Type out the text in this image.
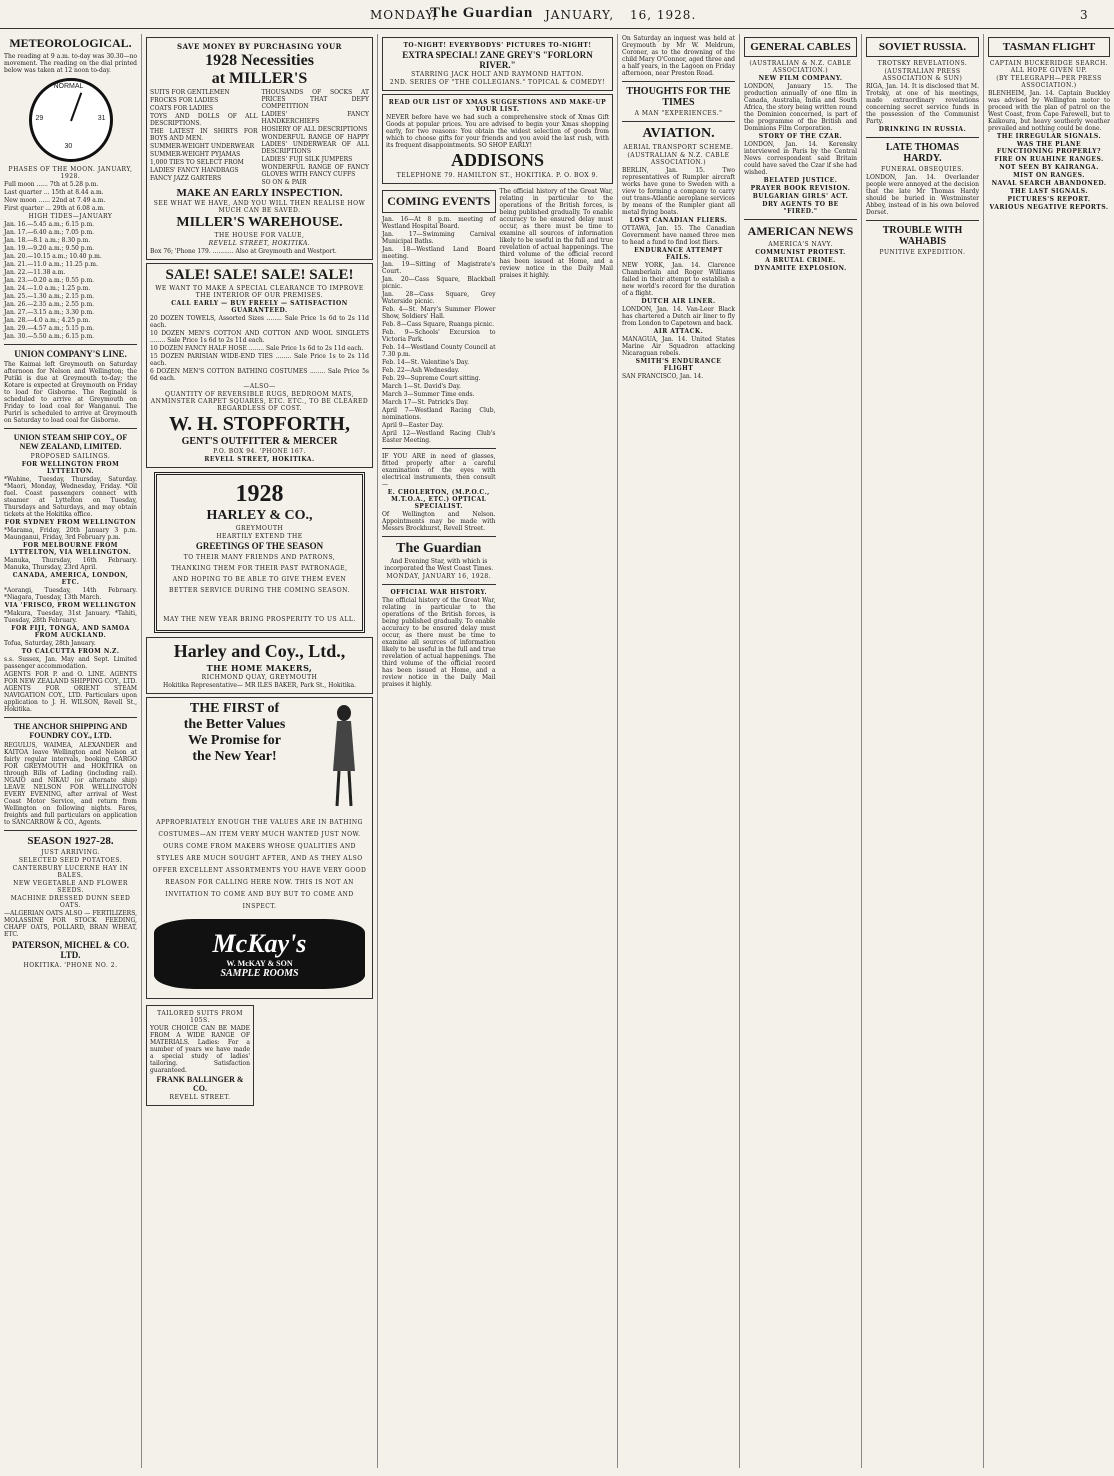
MONDAY,
The Guardian JANUARY, 16, 1928.	3
METEOROLOGICAL.
The reading at 9 a.m. to-day was 30.30—no movement. The reading on the dial printed below was taken at 12 noon to-day.
NORMAL
29	31
30
PHASES OF THE MOON. JANUARY, 1928.
Full moon ...... 7th at 5.28 p.m.
Last quarter ... 15th at 8.44 a.m.
New moon ...... 22nd at 7.49 a.m.
First quarter ... 29th at 6.08 a.m.
HIGH TIDES—JANUARY
Jan. 16.—5.45 a.m.; 6.15 p.m.
Jan. 17.—6.40 a.m.; 7.05 p.m.
Jan. 18.—8.1 a.m.; 8.30 p.m.
Jan. 19.—9.20 a.m.; 9.50 p.m.
Jan. 20.—10.15 a.m.; 10.40 p.m.
Jan. 21.—11.0 a.m.; 11.25 p.m.
Jan. 22.—11.38 a.m.
Jan. 23.—0.20 a.m.; 0.55 p.m.
Jan. 24.—1.0 a.m.; 1.25 p.m.
Jan. 25.—1.30 a.m.; 2.15 p.m.
Jan. 26.—2.35 a.m.; 2.55 p.m.
Jan. 27.—3.15 a.m.; 3.30 p.m.
Jan. 28.—4.0 a.m.; 4.25 p.m.
Jan. 29.—4.57 a.m.; 5.15 p.m.
Jan. 30.—5.50 a.m.; 6.15 p.m.
UNION COMPANY'S LINE.
The Kaimai left Greymouth on Saturday afternoon for Nelson and Wellington; the Putiki is due at Greymouth to-day; the Kotare is expected at Greymouth on Friday to load for Gisborne. The Reginald is scheduled to arrive at Greymouth on Friday to load coal for Wanganui. The Puriri is scheduled to arrive at Greymouth on Saturday to load coal for Gisborne.
UNION STEAM SHIP COY., OF NEW ZEALAND, LIMITED.
PROPOSED SAILINGS.
FOR WELLINGTON FROM LYTTELTON.
*Wahine, Tuesday, Thursday, Saturday. *Maori, Monday, Wednesday, Friday. *Oil fuel. Coast passengers connect with steamer at Lyttelton on Tuesday, Thursdays and Saturdays, and may obtain tickets at the Hokitika office.
FOR SYDNEY FROM WELLINGTON
*Marama, Friday, 20th January 3 p.m. Maunganui, Friday, 3rd February p.m.
FOR MELBOURNE FROM LYTTELTON, VIA WELLINGTON.
Manuka, Thursday, 16th February. Manuka, Thursday, 23rd April.
CANADA, AMERICA, LONDON, ETC.
*Aorangi, Tuesday, 14th February. *Niagara, Tuesday, 13th March.
VIA 'FRISCO, FROM WELLINGTON
*Makura, Tuesday, 31st January. *Tahiti, Tuesday, 28th February.
FOR FIJI, TONGA, AND SAMOA FROM AUCKLAND.
Tofua, Saturday, 28th January.
TO CALCUTTA FROM N.Z.
s.s. Sussex, Jan. May and Sept. Limited passenger accommodation.
AGENTS FOR P. and O. LINE. AGENTS FOR NEW ZEALAND SHIPPING COY., LTD. AGENTS FOR ORIENT STEAM NAVIGATION COY., LTD. Particulars upon application to J. H. WILSON, Revell St., Hokitika.
THE ANCHOR SHIPPING AND FOUNDRY COY., LTD.
REGULUS, WAIMEA, ALEXANDER and KAITOA leave Wellington and Nelson at fairly regular intervals, booking CARGO FOR GREYMOUTH and HOKITIKA on through Bills of Lading (including rail). NGAIO and NIKAU (or alternate ship) LEAVE NELSON FOR WELLINGTON EVERY EVENING, after arrival of West Coast Motor Service, and return from Wellington on following nights. Fares, freights and full particulars on application to SANCARROW & CO., Agents.
SEASON 1927-28.
JUST ARRIVING.
SELECTED SEED POTATOES.
CANTERBURY LUCERNE HAY IN BALES.
NEW VEGETABLE AND FLOWER SEEDS.
MACHINE DRESSED DUNN SEED OATS.
—ALGERIAN OATS ALSO — FERTILIZERS, MOLASSINE FOR STOCK FEEDING, CHAFF OATS, POLLARD, BRAN WHEAT, ETC.
PATERSON, MICHEL & CO. LTD.
HOKITIKA. 'PHONE NO. 2.
SAVE MONEY BY PURCHASING YOUR
1928 Necessities
at MILLER'S
SUITS FOR GENTLEMEN
FROCKS FOR LADIES
COATS FOR LADIES
TOYS AND DOLLS OF ALL DESCRIPTIONS.
THE LATEST IN SHIRTS FOR BOYS AND MEN.
SUMMER-WEIGHT UNDERWEAR
SUMMER-WEIGHT PYJAMAS
1,000 TIES TO SELECT FROM
LADIES' FANCY HANDBAGS
FANCY JAZZ GARTERS
THOUSANDS OF SOCKS AT PRICES THAT DEFY COMPETITION
LADIES' FANCY HANDKERCHIEFS
HOSIERY OF ALL DESCRIPTIONS
WONDERFUL RANGE OF HAPPY LADIES' UNDERWEAR OF ALL DESCRIPTIONS
LADIES' FUJI SILK JUMPERS
WONDERFUL RANGE OF FANCY GLOVES WITH FANCY CUFFS
SO ON & PAIR
MAKE AN EARLY INSPECTION.
SEE WHAT WE HAVE, AND YOU WILL THEN REALISE HOW MUCH CAN BE SAVED.
MILLER'S WAREHOUSE.
THE HOUSE FOR VALUE,
REVELL STREET, HOKITIKA.
Box 76; 'Phone 179. ........... Also at Greymouth and Westport.
SALE! SALE! SALE! SALE!
WE WANT TO MAKE A SPECIAL CLEARANCE TO IMPROVE THE INTERIOR OF OUR PREMISES.
CALL EARLY — BUY FREELY — SATISFACTION GUARANTEED.
20 DOZEN TOWELS, Assorted Sizes ........ Sale Price 1s 6d to 2s 11d each.
10 DOZEN MEN'S COTTON AND COTTON AND WOOL SINGLETS ........ Sale Price 1s 6d to 2s 11d each.
10 DOZEN FANCY HALF HOSE ........ Sale Price 1s 6d to 2s 11d each.
15 DOZEN PARISIAN WIDE-END TIES ........ Sale Price 1s to 2s 11d each.
6 DOZEN MEN'S COTTON BATHING COSTUMES ........ Sale Price 5s 6d each.
—ALSO—
QUANTITY OF REVERSIBLE RUGS, BEDROOM MATS, ANMINSTER CARPET SQUARES, ETC. ETC., TO BE CLEARED REGARDLESS OF COST.
W. H. STOPFORTH,
GENT'S OUTFITTER & MERCER
P.O. BOX 94. 'PHONE 167.
REVELL STREET, HOKITIKA.
1928
HARLEY & CO.,
GREYMOUTH
HEARTILY EXTEND THE
GREETINGS OF THE SEASON
TO THEIR MANY FRIENDS AND PATRONS, THANKING THEM FOR THEIR PAST PATRONAGE, AND HOPING TO BE ABLE TO GIVE THEM EVEN BETTER SERVICE DURING THE COMING SEASON.
MAY THE NEW YEAR BRING PROSPERITY TO US ALL.
Harley and Coy., Ltd.,
THE HOME MAKERS,
RICHMOND QUAY, GREYMOUTH
Hokitika Representative— MR ILES BAKER, Park St., Hokitika.
THE FIRST of
the Better Values
We Promise for
the New Year!
APPROPRIATELY ENOUGH THE VALUES ARE IN BATHING COSTUMES—AN ITEM VERY MUCH WANTED JUST NOW. OURS COME FROM MAKERS WHOSE QUALITIES AND STYLES ARE MUCH SOUGHT AFTER, AND AS THEY ALSO OFFER EXCELLENT ASSORTMENTS YOU HAVE VERY GOOD REASON FOR CALLING HERE NOW. THIS IS NOT AN INVITATION TO COME AND BUY BUT TO COME AND INSPECT.
McKay's
W. McKAY & SON
SAMPLE ROOMS
TAILORED SUITS FROM 105S.
YOUR CHOICE CAN BE MADE FROM A WIDE RANGE OF MATERIALS. Ladies: For a number of years we have made a special study of ladies' tailoring. Satisfaction guaranteed.
FRANK BALLINGER & CO.
REVELL STREET.
TO-NIGHT! EVERYBODYS' PICTURES TO-NIGHT!
EXTRA SPECIAL! ZANE GREY'S "FORLORN RIVER."
STARRING JACK HOLT AND RAYMOND HATTON.
2ND. SERIES OF "THE COLLEGIANS." TOPICAL & COMEDY!
READ OUR LIST OF XMAS SUGGESTIONS AND MAKE-UP YOUR LIST.
NEVER before have we had such a comprehensive stock of Xmas Gift Goods at popular prices. You are advised to begin your Xmas shopping early, for two reasons: You obtain the widest selection of goods from which to choose gifts for your friends and you avoid the last rush, with its frequent disappointments. SO SHOP EARLY!
ADDISONS
TELEPHONE 79. HAMILTON ST., HOKITIKA. P. O. BOX 9.
COMING EVENTS
Jan. 16—At 8 p.m. meeting of Westland Hospital Board.
Jan. 17—Swimming Carnival Municipal Baths.
Jan. 18—Westland Land Board meeting.
Jan. 19—Sitting of Magistrate's Court.
Jan. 20—Cass Square, Blackball picnic.
Jan. 28—Cass Square, Grey Waterside picnic.
Feb. 4—St. Mary's Summer Flower Show, Soldiers' Hall.
Feb. 8—Cass Square, Ruanga picnic.
Feb. 9—Schools' Excursion to Victoria Park.
Feb. 14—Westland County Council at 7.30 p.m.
Feb. 14—St. Valentine's Day.
Feb. 22—Ash Wednesday.
Feb. 29—Supreme Court sitting.
March 1—St. David's Day.
March 3—Summer Time ends.
March 17—St. Patrick's Day.
April 7—Westland Racing Club, nominations.
April 9—Easter Day.
April 12—Westland Racing Club's Easter Meeting.
IF YOU ARE in need of glasses, fitted properly after a careful examination of the eyes with electrical instruments, then consult—
E. CHOLERTON, (M.P.O.C., M.T.O.A., ETC.) OPTICAL SPECIALIST.
Of Wellington and Nelson. Appointments may be made with Messrs Brockhurst, Revell Street.
The Guardian
And Evening Star, with which is incorporated the West Coast Times.
MONDAY, JANUARY 16, 1928.
OFFICIAL WAR HISTORY.
The official history of the Great War, relating in particular to the operations of the British forces, is being published gradually. To enable accuracy to be ensured delay must occur, as there must be time to examine all sources of information likely to be useful in the full and true revelation of actual happenings. The third volume of the official record has been issued at Home, and a review notice in the Daily Mail praises it highly.
The official history of the Great War, relating in particular to the operations of the British forces, is being published gradually. To enable accuracy to be ensured delay must occur, as there must be time to examine all sources of information likely to be useful in the full and true revelation of actual happenings. The third volume of the official record has been issued at Home, and a review notice in the Daily Mail praises it highly.
On Saturday an inquest was held at Greymouth by Mr W. Meldrum, Coroner, as to the drowning of the child Mary O'Connor, aged three and a half years, in the Lagoon on Friday afternoon, near Preston Road.
THOUGHTS FOR THE TIMES
A MAN "EXPERIENCES."
AVIATION.
AERIAL TRANSPORT SCHEME.
(AUSTRALIAN & N.Z. CABLE ASSOCIATION.)
BERLIN, Jan. 15. Two representatives of Rumpler aircraft works have gone to Sweden with a view to forming a company to carry out trans-Atlantic aeroplane services by means of the Rumpler giant all metal flying boats.
LOST CANADIAN FLIERS.
OTTAWA, Jan. 15. The Canadian Government have named three men to head a fund to find lost fliers.
ENDURANCE ATTEMPT FAILS.
NEW YORK, Jan. 14. Clarence Chamberlain and Roger Williams failed in their attempt to establish a new world's record for the duration of a flight.
DUTCH AIR LINER.
LONDON, Jan. 14. Van-Leer Black has chartered a Dutch air liner to fly from London to Capetown and back.
AIR ATTACK.
MANAGUA, Jan. 14. United States Marine Air Squadron attacking Nicaraguan rebels.
SMITH'S ENDURANCE FLIGHT
SAN FRANCISCO, Jan. 14.
GENERAL CABLES
(AUSTRALIAN & N.Z. CABLE ASSOCIATION.)
NEW FILM COMPANY.
LONDON, January 15. The production annually of one film in Canada, Australia, India and South Africa, the story being written round the Dominion concerned, is part of the programme of the British and Dominions Film Corporation.
STORY OF THE CZAR.
LONDON, Jan. 14. Kerensky interviewed in Paris by the Central News correspondent said Britain could have saved the Czar if she had wished.
BELATED JUSTICE.
PRAYER BOOK REVISION.
BULGARIAN GIRLS' ACT.
DRY AGENTS TO BE "FIRED."
AMERICAN NEWS
AMERICA'S NAVY.
COMMUNIST PROTEST.
A BRUTAL CRIME.
DYNAMITE EXPLOSION.
SOVIET RUSSIA.
TROTSKY REVELATIONS.
(AUSTRALIAN PRESS ASSOCIATION & SUN)
RIGA, Jan. 14. It is disclosed that M. Trotsky, at one of his meetings, made extraordinary revelations concerning secret service funds in the possession of the Communist Party.
DRINKING IN RUSSIA.
LATE THOMAS HARDY.
FUNERAL OBSEQUIES.
LONDON, Jan. 14. Overlander people were annoyed at the decision that the late Mr Thomas Hardy should be buried in Westminster Abbey, instead of in his own beloved Dorset.
TROUBLE WITH WAHABIS
PUNITIVE EXPEDITION.
TASMAN FLIGHT
CAPTAIN BUCKERIDGE SEARCH. ALL HOPE GIVEN UP.
(BY TELEGRAPH—PER PRESS ASSOCIATION.)
BLENHEIM, Jan. 14. Captain Buckley was advised by Wellington motor to proceed with the plan of patrol on the West Coast, from Cape Farewell, but to Kaikoura, but heavy southerly weather prevailed and nothing could be done.
THE IRREGULAR SIGNALS.
WAS THE PLANE FUNCTIONING PROPERLY?
FIRE ON RUAHINE RANGES.
NOT SEEN BY KAIRANGA.
MIST ON RANGES.
NAVAL SEARCH ABANDONED.
THE LAST SIGNALS.
PICTURES'S REPORT.
VARIOUS NEGATIVE REPORTS.
